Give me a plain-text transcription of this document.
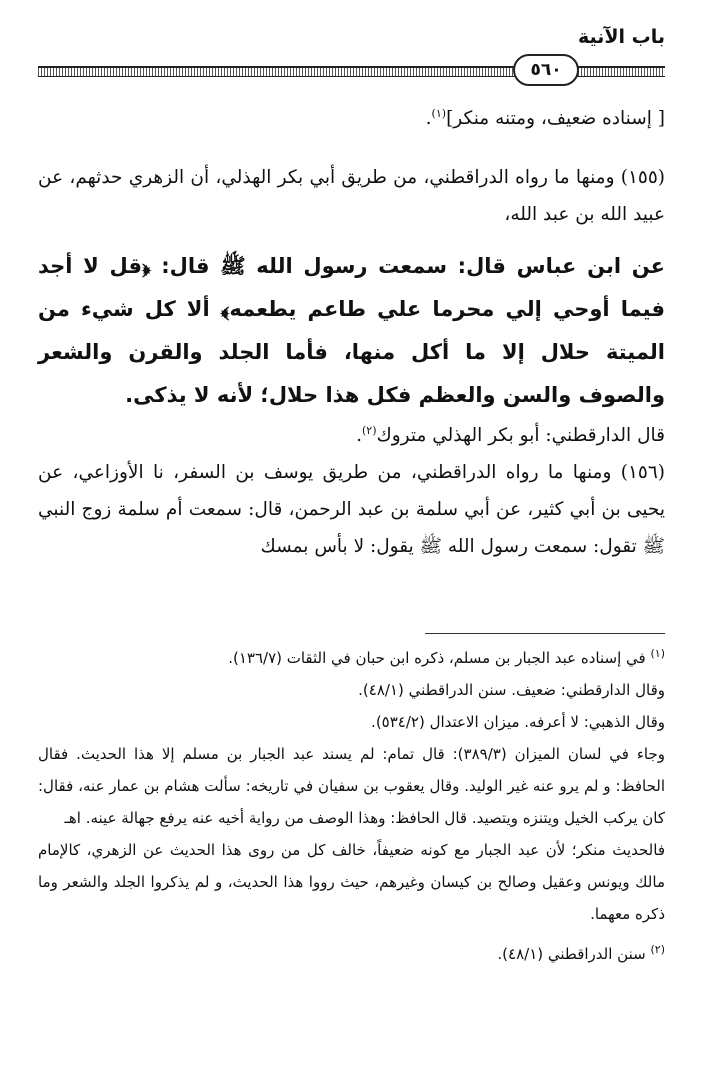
باب الآنية
٥٦٠

[ إسناده ضعيف، ومتنه منكر]$^{(١)}$.

(١٥٥) ومنها ما رواه الدراقطني، من طريق أبي بكر الهذلي، أن الزهري حدثهم، عن عبيد الله بن عبد الله،

عن ابن عباس قال: سمعت رسول الله ﷺ قال: ﴿قل لا أجد فيما أوحي إلي محرما علي طاعم يطعمه﴾ ألا كل شيء من الميتة حلال إلا ما أكل منها، فأما الجلد والقرن والشعر والصوف والسن والعظم فكل هذا حلال؛ لأنه لا يذكى.

قال الدارقطني: أبو بكر الهذلي متروك$^{(٢)}$.

(١٥٦) ومنها ما رواه الدراقطني، من طريق يوسف بن السفر، نا الأوزاعي، عن يحيى بن أبي كثير، عن أبي سلمة بن عبد الرحمن، قال: سمعت أم سلمة زوج النبي ﷺ تقول: سمعت رسول الله ﷺ يقول: لا بأس بمسك

$^{(١)}$ في إسناده عبد الجبار بن مسلم، ذكره ابن حبان في الثقات (١٣٦/٧).

وقال الدارقطني: ضعيف. سنن الدراقطني (٤٨/١).

وقال الذهبي: لا أعرفه. ميزان الاعتدال (٥٣٤/٢).

وجاء في لسان الميزان (٣٨٩/٣): قال تمام: لم يسند عبد الجبار بن مسلم إلا هذا الحديث. فقال الحافظ: و لم يرو عنه غير الوليد. وقال يعقوب بن سفيان في تاريخه: سألت هشام بن عمار عنه، فقال: كان يركب الخيل ويتنزه ويتصيد. قال الحافظ: وهذا الوصف من رواية أخيه عنه يرفع جهالة عينه. اهـ

فالحديث منكر؛ لأن عبد الجبار مع كونه ضعيفاً، خالف كل من روى هذا الحديث عن الزهري، كالإمام مالك ويونس وعقيل وصالح بن كيسان وغيرهم، حيث رووا هذا الحديث، و لم يذكروا الجلد والشعر وما ذكره معهما.

$^{(٢)}$ سنن الدراقطني (٤٨/١).
